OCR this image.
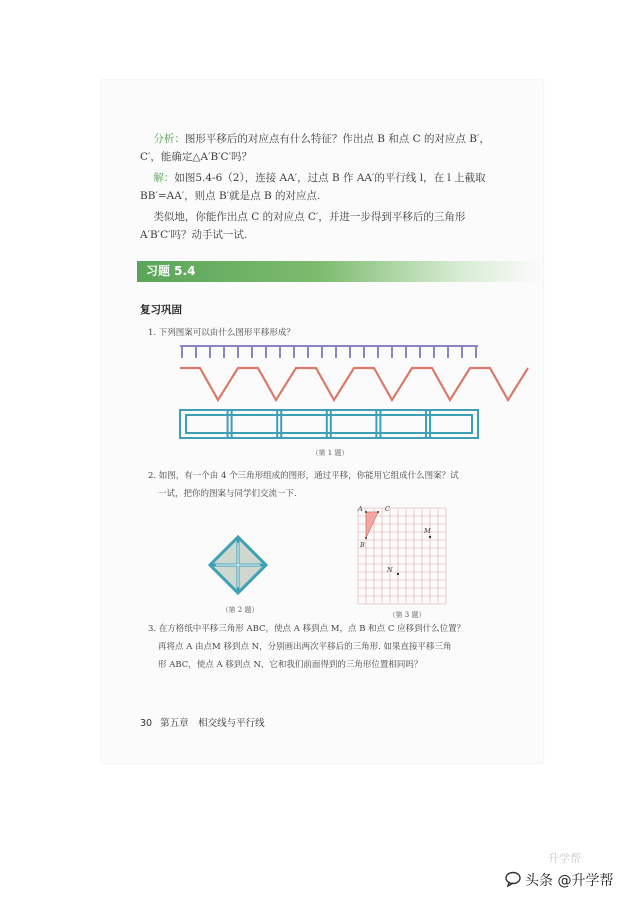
分析：图形平移后的对应点有什么特征？作出点 B 和点 C 的对应点 B′，
C′，能确定△A′B′C′吗？
解：如图5.4-6（2），连接 AA′，过点 B 作 AA′的平行线 l，在 l 上截取
BB′=AA′，则点 B′就是点 B 的对应点.
类似地，你能作出点 C 的对应点 C′，并进一步得到平移后的三角形
A′B′C′吗？动手试一试.
习题 5.4
复习巩固
1. 下列图案可以由什么图形平移形成？
（第 1 题）
2. 如图，有一个由 4 个三角形组成的图形，通过平移，你能用它组成什么图案？试
一试，把你的图案与同学们交流一下.
（第 2 题）
A	C
B
M
N
（第 3 题）
3. 在方格纸中平移三角形 ABC，使点 A 移到点 M，点 B 和点 C 应移到什么位置？
再将点 A 由点M 移到点 N，分别画出两次平移后的三角形. 如果直接平移三角
形 ABC，使点 A 移到点 N，它和我们前面得到的三角形位置相同吗？
30 第五章　相交线与平行线
升学帮
头条 @升学帮
